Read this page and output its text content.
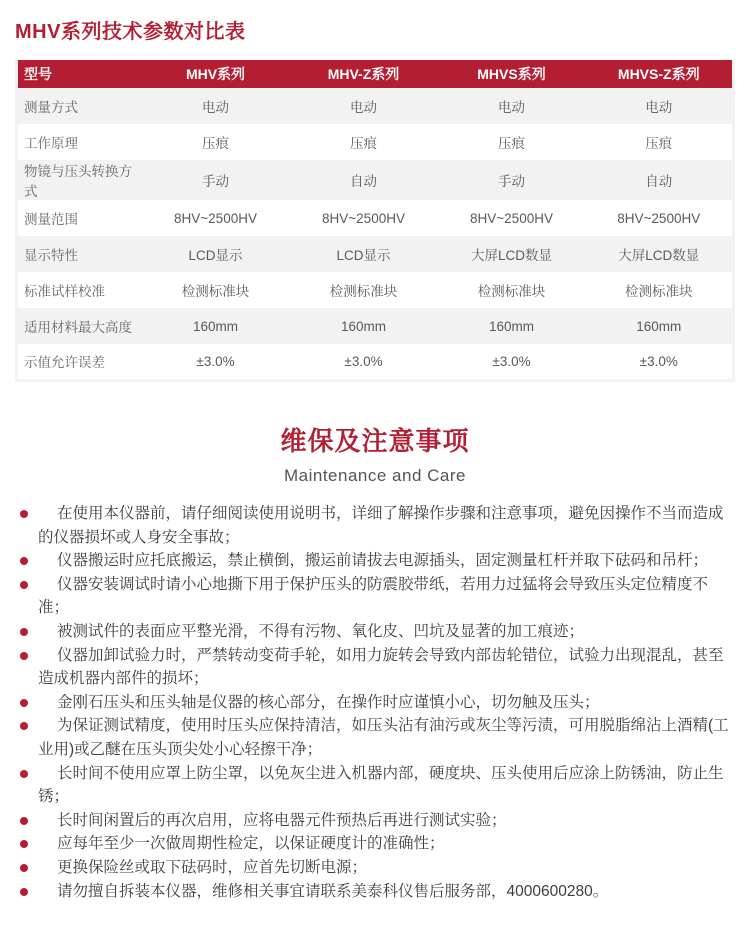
MHV系列技术参数对比表
型号	MHV系列	MHV-Z系列	MHVS系列	MHVS-Z系列
测量方式	电动	电动	电动	电动
工作原理	压痕	压痕	压痕	压痕
物镜与压头转换方式	手动	自动	手动	自动
测量范围	8HV~2500HV	8HV~2500HV	8HV~2500HV	8HV~2500HV
显示特性	LCD显示	LCD显示	大屏LCD数显	大屏LCD数显
标准试样校准	检测标准块	检测标准块	检测标准块	检测标准块
适用材料最大高度	160mm	160mm	160mm	160mm
示值允许误差	±3.0%	±3.0%	±3.0%	±3.0%
维保及注意事项
Maintenance and Care
在使用本仪器前，请仔细阅读使用说明书，详细了解操作步骤和注意事项，避免因操作不当而造成的仪器损坏或人身安全事故；
仪器搬运时应托底搬运，禁止横倒，搬运前请拔去电源插头，固定测量杠杆并取下砝码和吊杆；
仪器安装调试时请小心地撕下用于保护压头的防震胶带纸，若用力过猛将会导致压头定位精度不准；
被测试件的表面应平整光滑，不得有污物、氧化皮、凹坑及显著的加工痕迹；
仪器加卸试验力时，严禁转动变荷手轮，如用力旋转会导致内部齿轮错位，试验力出现混乱，甚至造成机器内部件的损坏；
金刚石压头和压头轴是仪器的核心部分，在操作时应谨慎小心，切勿触及压头；
为保证测试精度，使用时压头应保持清洁，如压头沾有油污或灰尘等污渍，可用脱脂绵沾上酒精(工业用)或乙醚在压头顶尖处小心轻擦干净；
长时间不使用应罩上防尘罩，以免灰尘进入机器内部，硬度块、压头使用后应涂上防锈油，防止生锈；
长时间闲置后的再次启用，应将电器元件预热后再进行测试实验；
应每年至少一次做周期性检定，以保证硬度计的准确性；
更换保险丝或取下砝码时，应首先切断电源；
请勿擅自拆装本仪器，维修相关事宜请联系美泰科仪售后服务部，4000600280。
